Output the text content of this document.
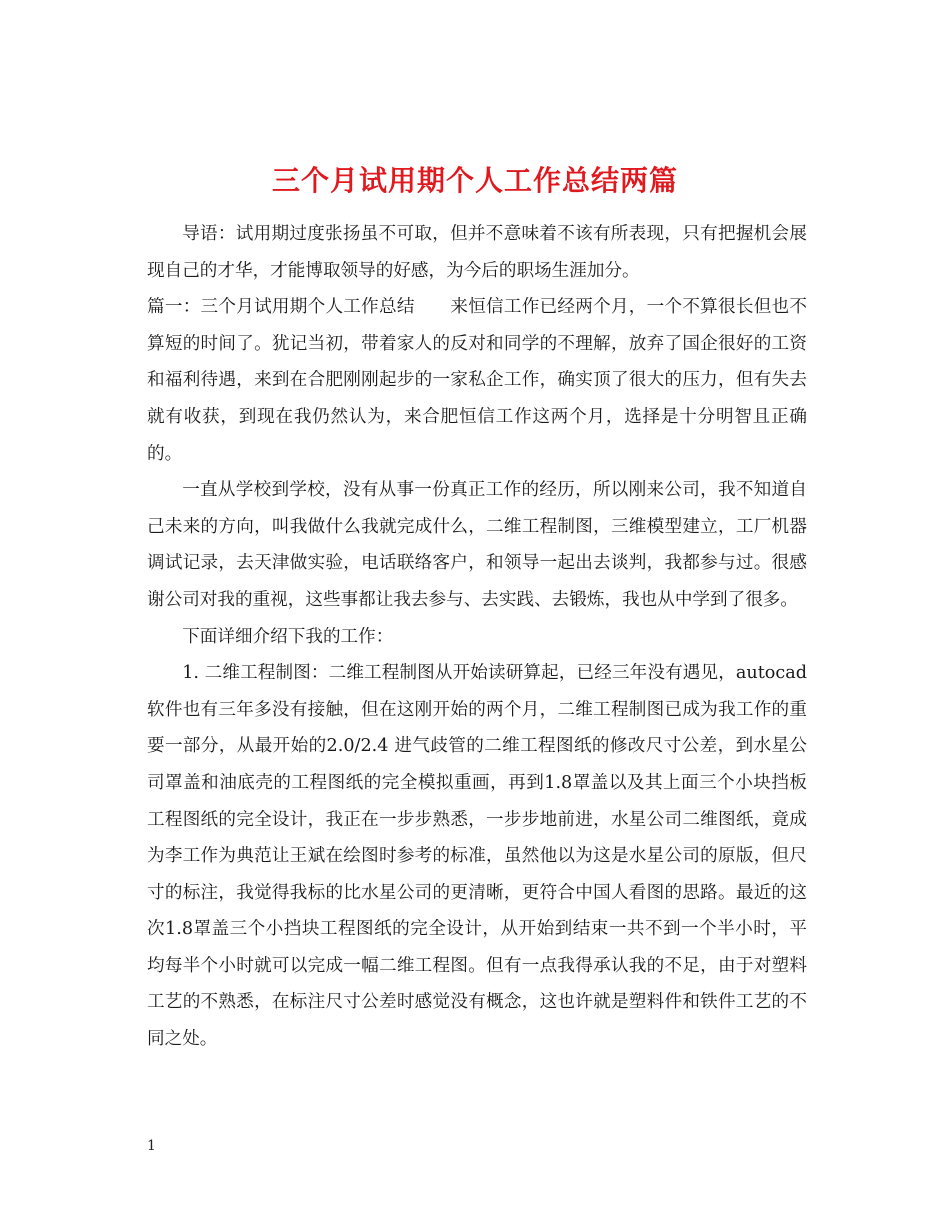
三个月试用期个人工作总结两篇

导语：试用期过度张扬虽不可取，但并不意味着不该有所表现，只有把握机会展现自己的才华，才能博取领导的好感，为今后的职场生涯加分。

篇一：三个月试用期个人工作总结　　来恒信工作已经两个月，一个不算很长但也不算短的时间了。犹记当初，带着家人的反对和同学的不理解，放弃了国企很好的工资和福利待遇，来到在合肥刚刚起步的一家私企工作，确实顶了很大的压力，但有失去就有收获，到现在我仍然认为，来合肥恒信工作这两个月，选择是十分明智且正确的。

一直从学校到学校，没有从事一份真正工作的经历，所以刚来公司，我不知道自己未来的方向，叫我做什么我就完成什么，二维工程制图，三维模型建立，工厂机器调试记录，去天津做实验，电话联络客户，和领导一起出去谈判，我都参与过。很感谢公司对我的重视，这些事都让我去参与、去实践、去锻炼，我也从中学到了很多。

下面详细介绍下我的工作：

1. 二维工程制图：二维工程制图从开始读研算起，已经三年没有遇见，autocad软件也有三年多没有接触，但在这刚开始的两个月，二维工程制图已成为我工作的重要一部分，从最开始的2.0/2.4 进气歧管的二维工程图纸的修改尺寸公差，到水星公司罩盖和油底壳的工程图纸的完全模拟重画，再到1.8罩盖以及其上面三个小块挡板工程图纸的完全设计，我正在一步步熟悉，一步步地前进，水星公司二维图纸，竟成为李工作为典范让王斌在绘图时参考的标准，虽然他以为这是水星公司的原版，但尺寸的标注，我觉得我标的比水星公司的更清晰，更符合中国人看图的思路。最近的这次1.8罩盖三个小挡块工程图纸的完全设计，从开始到结束一共不到一个半小时，平均每半个小时就可以完成一幅二维工程图。但有一点我得承认我的不足，由于对塑料工艺的不熟悉，在标注尺寸公差时感觉没有概念，这也许就是塑料件和铁件工艺的不同之处。

1
